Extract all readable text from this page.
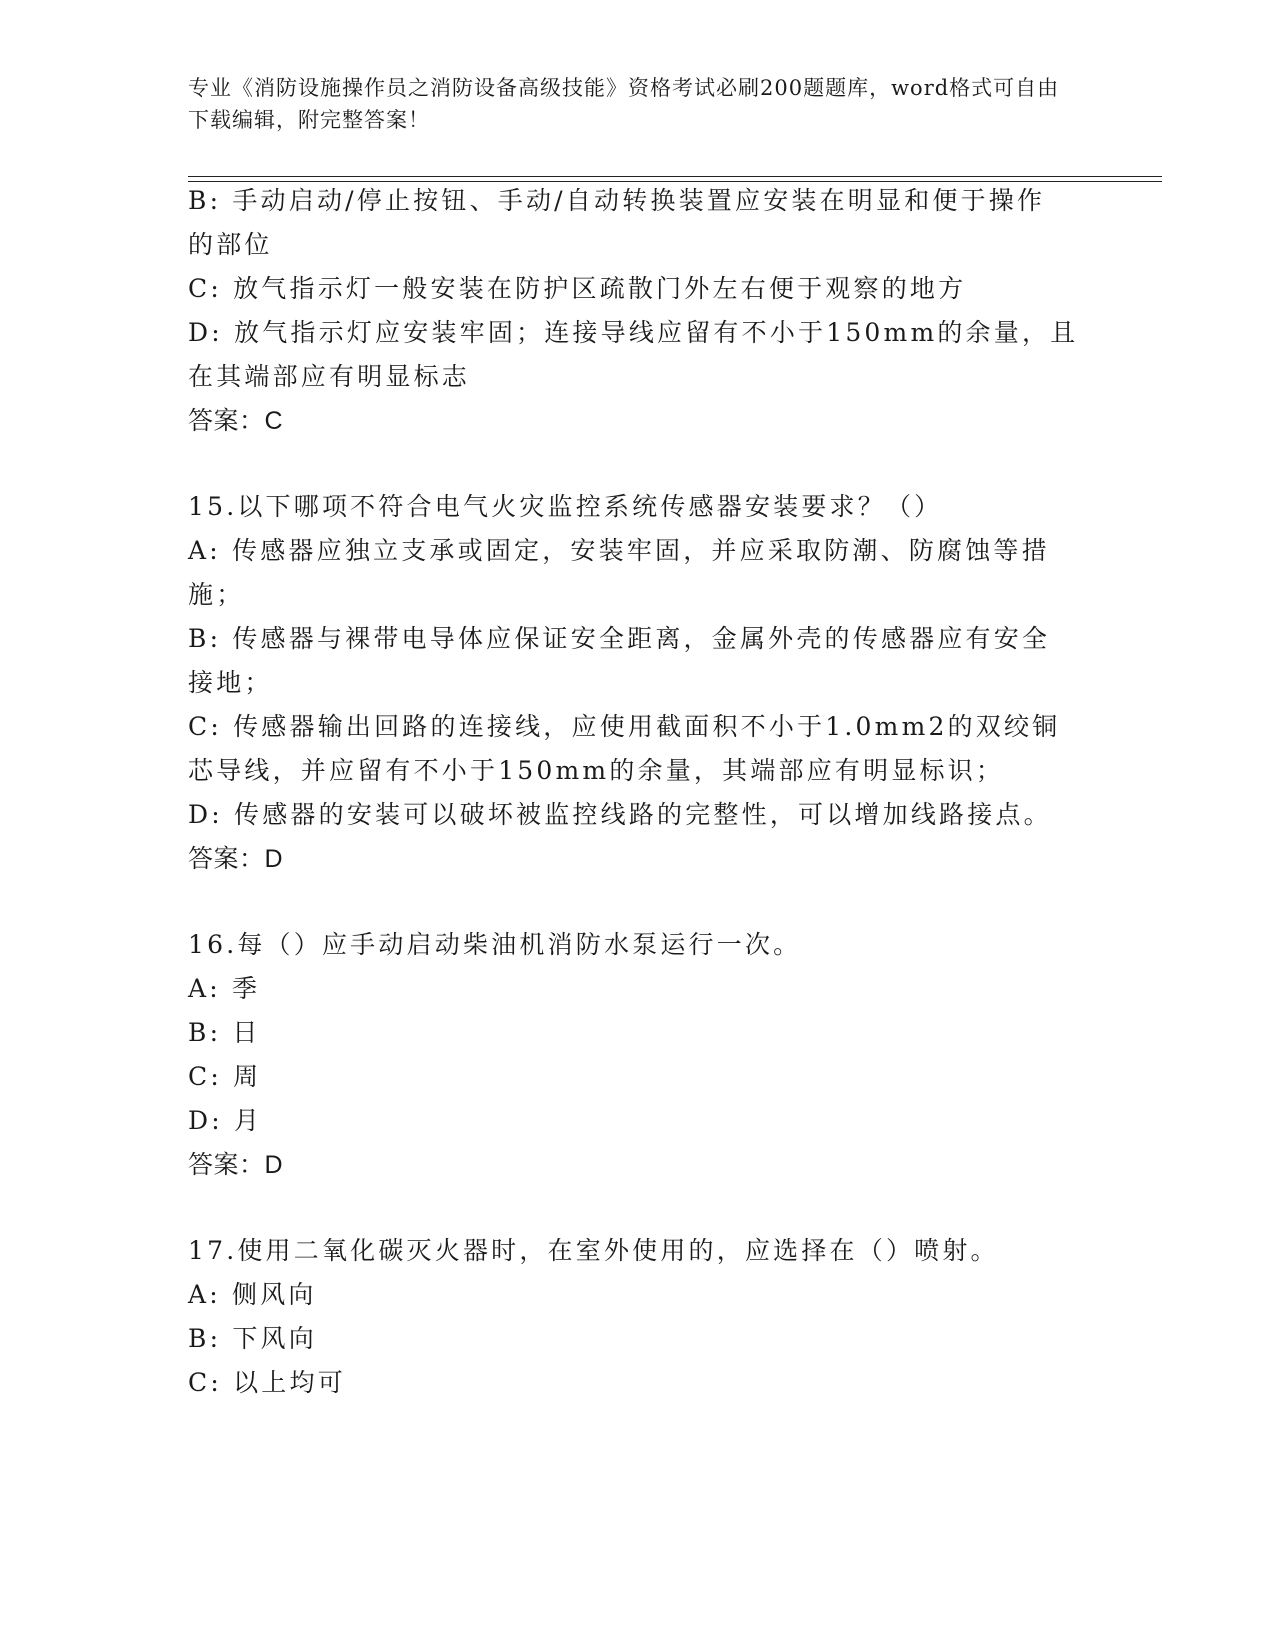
专业《消防设施操作员之消防设备高级技能》资格考试必刷200题题库，word格式可自由下载编辑，附完整答案！
B: 手动启动/停止按钮、手动/自动转换装置应安装在明显和便于操作
的部位
C: 放气指示灯一般安装在防护区疏散门外左右便于观察的地方
D: 放气指示灯应安装牢固；连接导线应留有不小于150mm的余量，且
在其端部应有明显标志
答案：C
15.以下哪项不符合电气火灾监控系统传感器安装要求？（）
A: 传感器应独立支承或固定，安装牢固，并应采取防潮、防腐蚀等措
施；
B: 传感器与裸带电导体应保证安全距离，金属外壳的传感器应有安全
接地；
C: 传感器输出回路的连接线，应使用截面积不小于1.0mm2的双绞铜
芯导线，并应留有不小于150mm的余量，其端部应有明显标识；
D: 传感器的安装可以破坏被监控线路的完整性，可以增加线路接点。
答案：D
16.每（）应手动启动柴油机消防水泵运行一次。
A: 季
B: 日
C: 周
D: 月
答案：D
17.使用二氧化碳灭火器时，在室外使用的，应选择在（）喷射。
A: 侧风向
B: 下风向
C: 以上均可
